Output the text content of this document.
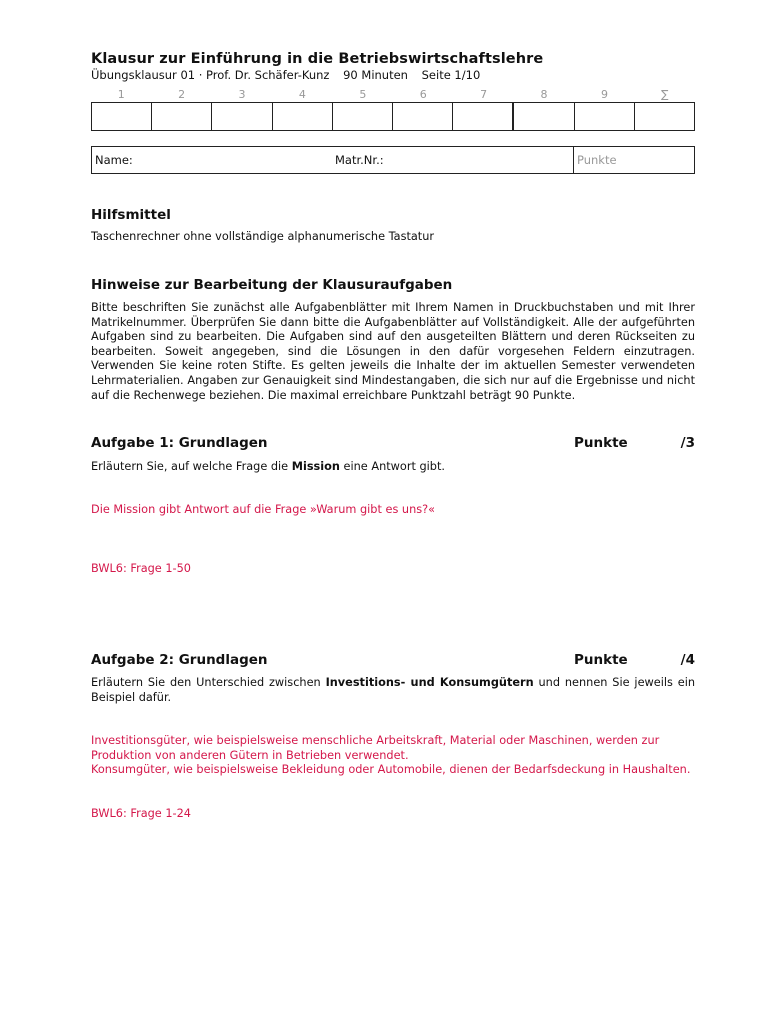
Klausur zur Einführung in die Betriebswirtschaftslehre
Übungsklausur 01 · Prof. Dr. Schäfer-Kunz 90 Minuten Seite 1/10
1	2	3	4	5	6	7	8	9	∑
Name:	Matr.Nr.:	Punkte
Hilfsmittel
Taschenrechner ohne vollständige alphanumerische Tastatur
Hinweise zur Bearbeitung der Klausuraufgaben
Bitte beschriften Sie zunächst alle Aufgabenblätter mit Ihrem Namen in Druckbuchstaben und mit Ihrer Matrikelnummer. Überprüfen Sie dann bitte die Aufgabenblätter auf Vollständigkeit. Alle der aufgeführten Aufgaben sind zu bearbeiten. Die Aufgaben sind auf den ausgeteilten Blättern und deren Rückseiten zu bearbeiten. Soweit angegeben, sind die Lösungen in den dafür vorgesehen Feldern einzutragen. Verwenden Sie keine roten Stifte. Es gelten jeweils die Inhalte der im aktuellen Semester verwendeten Lehrmaterialien. Angaben zur Genauigkeit sind Mindestangaben, die sich nur auf die Ergebnisse und nicht auf die Rechenwege beziehen. Die maximal erreichbare Punktzahl beträgt 90 Punkte.
Aufgabe 1: Grundlagen	Punkte	/3
Erläutern Sie, auf welche Frage die Mission eine Antwort gibt.
Die Mission gibt Antwort auf die Frage »Warum gibt es uns?«
BWL6: Frage 1-50
Aufgabe 2: Grundlagen	Punkte	/4
Erläutern Sie den Unterschied zwischen Investitions- und Konsumgütern und nennen Sie jeweils ein Beispiel dafür.
Investitionsgüter, wie beispielsweise menschliche Arbeitskraft, Material oder Maschinen, werden zur Produktion von anderen Gütern in Betrieben verwendet.
Konsumgüter, wie beispielsweise Bekleidung oder Automobile, dienen der Bedarfsdeckung in Haushalten.
BWL6: Frage 1-24
